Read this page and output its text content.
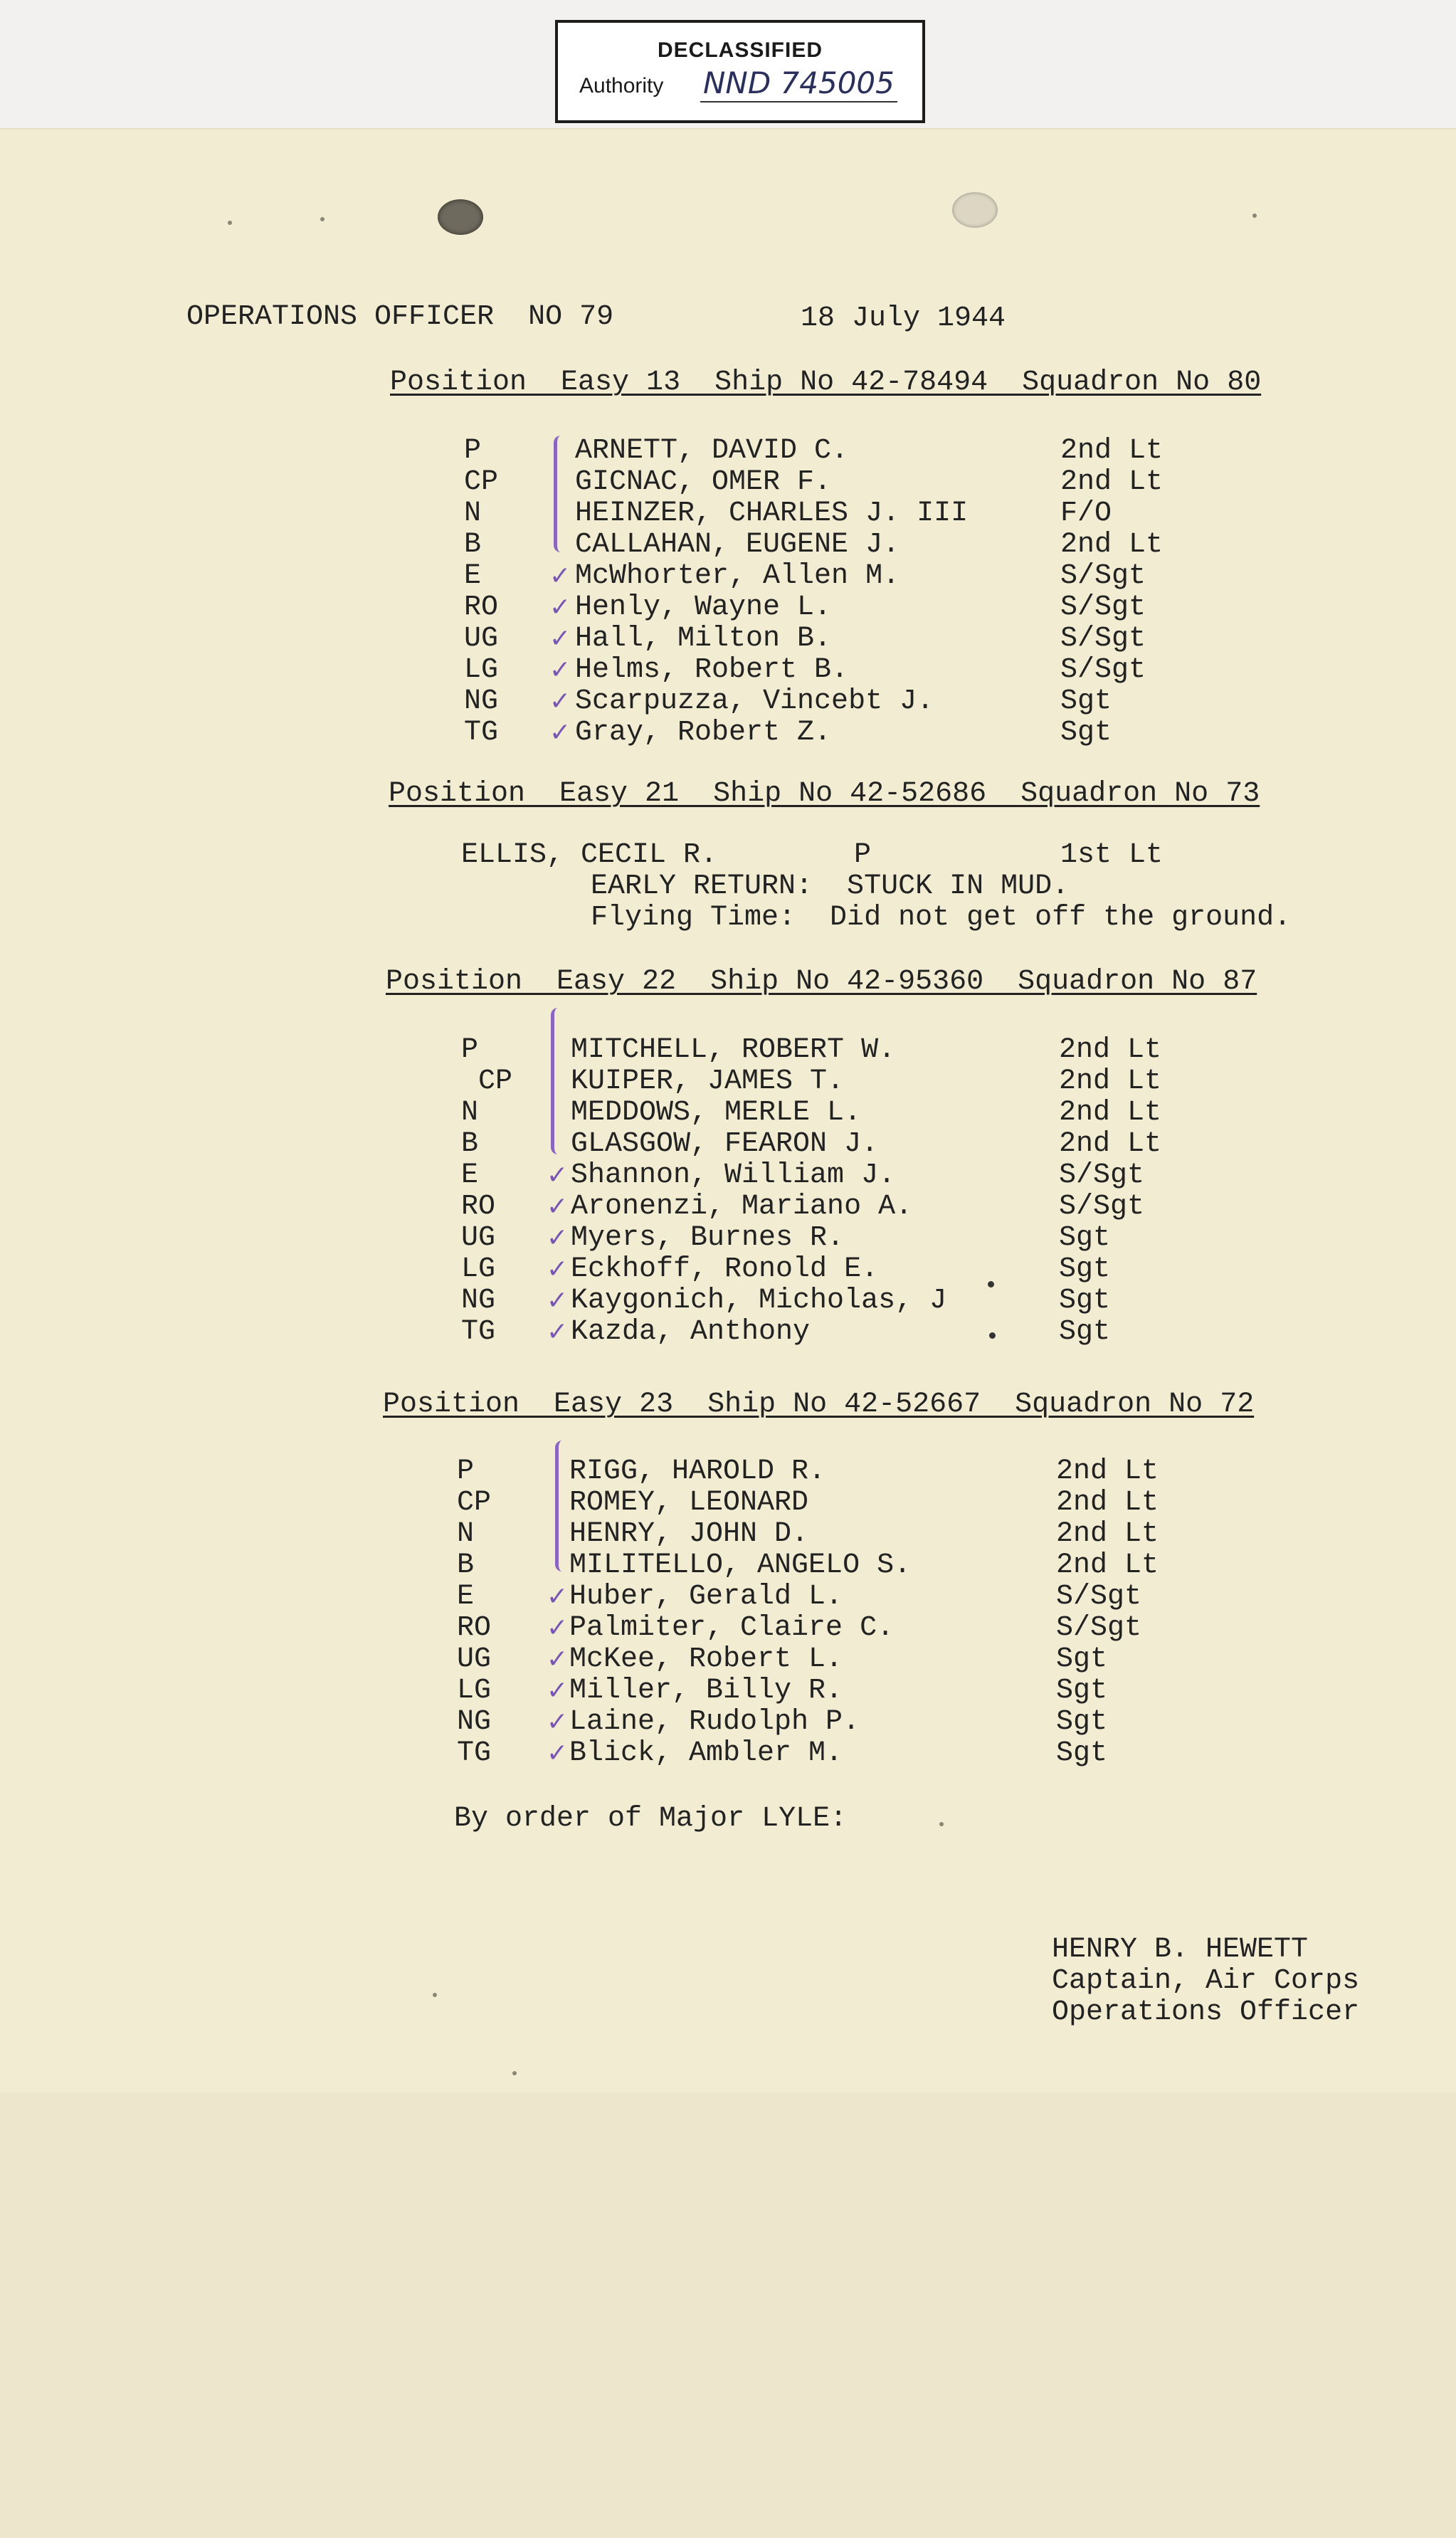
DECLASSIFIED
Authority NND 745005
OPERATIONS OFFICER  NO 79	18 July 1944
Position  Easy 13  Ship No 42-78494  Squadron No 80
P	ARNETT, DAVID C.	2nd Lt
CP	GICNAC, OMER F.	2nd Lt
N	HEINZER, CHARLES J. III	F/O
B	CALLAHAN, EUGENE J.	2nd Lt
✓
E	McWhorter, Allen M.	S/Sgt
✓
RO	Henly, Wayne L.	S/Sgt
✓
UG	Hall, Milton B.	S/Sgt
✓
LG	Helms, Robert B.	S/Sgt
✓
NG	Scarpuzza, Vincebt J.	Sgt
✓
TG	Gray, Robert Z.	Sgt
Position  Easy 21  Ship No 42-52686  Squadron No 73
ELLIS, CECIL R.	P	1st Lt
EARLY RETURN:  STUCK IN MUD.
Flying Time:  Did not get off the ground.
Position  Easy 22  Ship No 42-95360  Squadron No 87
P	MITCHELL, ROBERT W.	2nd Lt
CP KUIPER, JAMES T.	2nd Lt
N	MEDDOWS, MERLE L.	2nd Lt
B	GLASGOW, FEARON J.	2nd Lt
✓
E	Shannon, William J.	S/Sgt
✓
RO	Aronenzi, Mariano A.	S/Sgt
✓
UG	Myers, Burnes R.	Sgt
✓
LG	Eckhoff, Ronold E.	Sgt
✓
NG	Kaygonich, Micholas, J	Sgt
✓
TG	Kazda, Anthony	Sgt
Position  Easy 23  Ship No 42-52667  Squadron No 72
P	RIGG, HAROLD R.	2nd Lt
CP	ROMEY, LEONARD	2nd Lt
N	HENRY, JOHN D.	2nd Lt
B	MILITELLO, ANGELO S.	2nd Lt
✓
E	Huber, Gerald L.	S/Sgt
✓
RO	Palmiter, Claire C.	S/Sgt
✓
UG	McKee, Robert L.	Sgt
✓
LG	Miller, Billy R.	Sgt
✓
NG	Laine, Rudolph P.	Sgt
✓
TG	Blick, Ambler M.	Sgt
By order of Major LYLE:
HENRY B. HEWETT
Captain, Air Corps
Operations Officer
